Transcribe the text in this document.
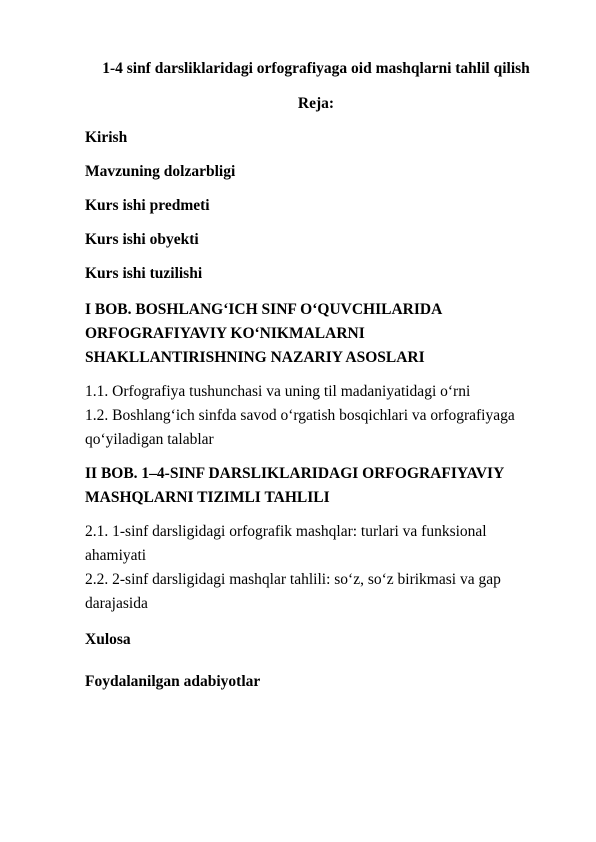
1-4 sinf darsliklaridagi orfografiyaga oid mashqlarni tahlil qilish
Reja:

Kirish

Mavzuning dolzarbligi

Kurs ishi predmeti

Kurs ishi obyekti

Kurs ishi tuzilishi

I BOB. BOSHLANG‘ICH SINF O‘QUVCHILARIDA
ORFOGRAFIYAVIY KO‘NIKMALARNI
SHAKLLANTIRISHNING NAZARIY ASOSLARI

1.1. Orfografiya tushunchasi va uning til madaniyatidagi o‘rni

1.2. Boshlang‘ich sinfda savod o‘rgatish bosqichlari va orfografiyaga

qo‘yiladigan talablar

II BOB. 1–4-SINF DARSLIKLARIDAGI ORFOGRAFIYAVIY
MASHQLARNI TIZIMLI TAHLILI

2.1. 1-sinf darsligidagi orfografik mashqlar: turlari va funksional

ahamiyati

2.2. 2-sinf darsligidagi mashqlar tahlili: so‘z, so‘z birikmasi va gap

darajasida

Xulosa

Foydalanilgan adabiyotlar
